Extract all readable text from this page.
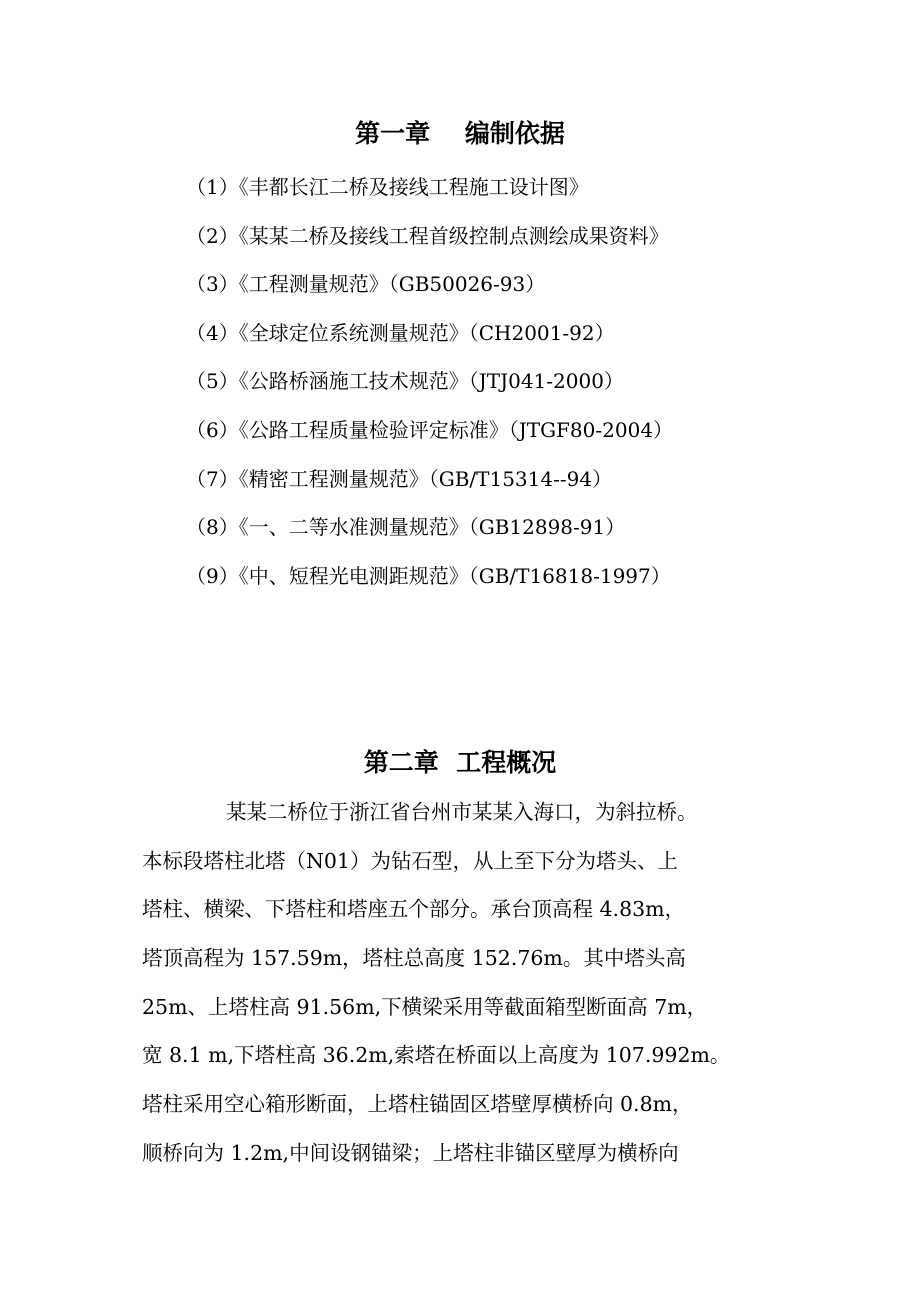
第一章    编制依据
（1）《丰都长江二桥及接线工程施工设计图》
（2）《某某二桥及接线工程首级控制点测绘成果资料》
（3）《工程测量规范》（GB50026-93）
（4）《全球定位系统测量规范》（CH2001-92）
（5）《公路桥涵施工技术规范》（JTJ041-2000）
（6）《公路工程质量检验评定标准》（JTGF80-2004）
（7）《精密工程测量规范》（GB/T15314--94）
（8）《一、二等水准测量规范》（GB12898-91）
（9）《中、短程光电测距规范》（GB/T16818-1997）
第二章  工程概况
某某二桥位于浙江省台州市某某入海口，为斜拉桥。
本标段塔柱北塔（N01）为钻石型，从上至下分为塔头、上
塔柱、横梁、下塔柱和塔座五个部分。承台顶高程 4.83m，
塔顶高程为 157.59m，塔柱总高度 152.76m。其中塔头高
25m、上塔柱高 91.56m,下横梁采用等截面箱型断面高 7m，
宽 8.1 m,下塔柱高 36.2m,索塔在桥面以上高度为 107.992m。
塔柱采用空心箱形断面，上塔柱锚固区塔壁厚横桥向 0.8m，
顺桥向为 1.2m,中间设钢锚梁；上塔柱非锚区壁厚为横桥向
